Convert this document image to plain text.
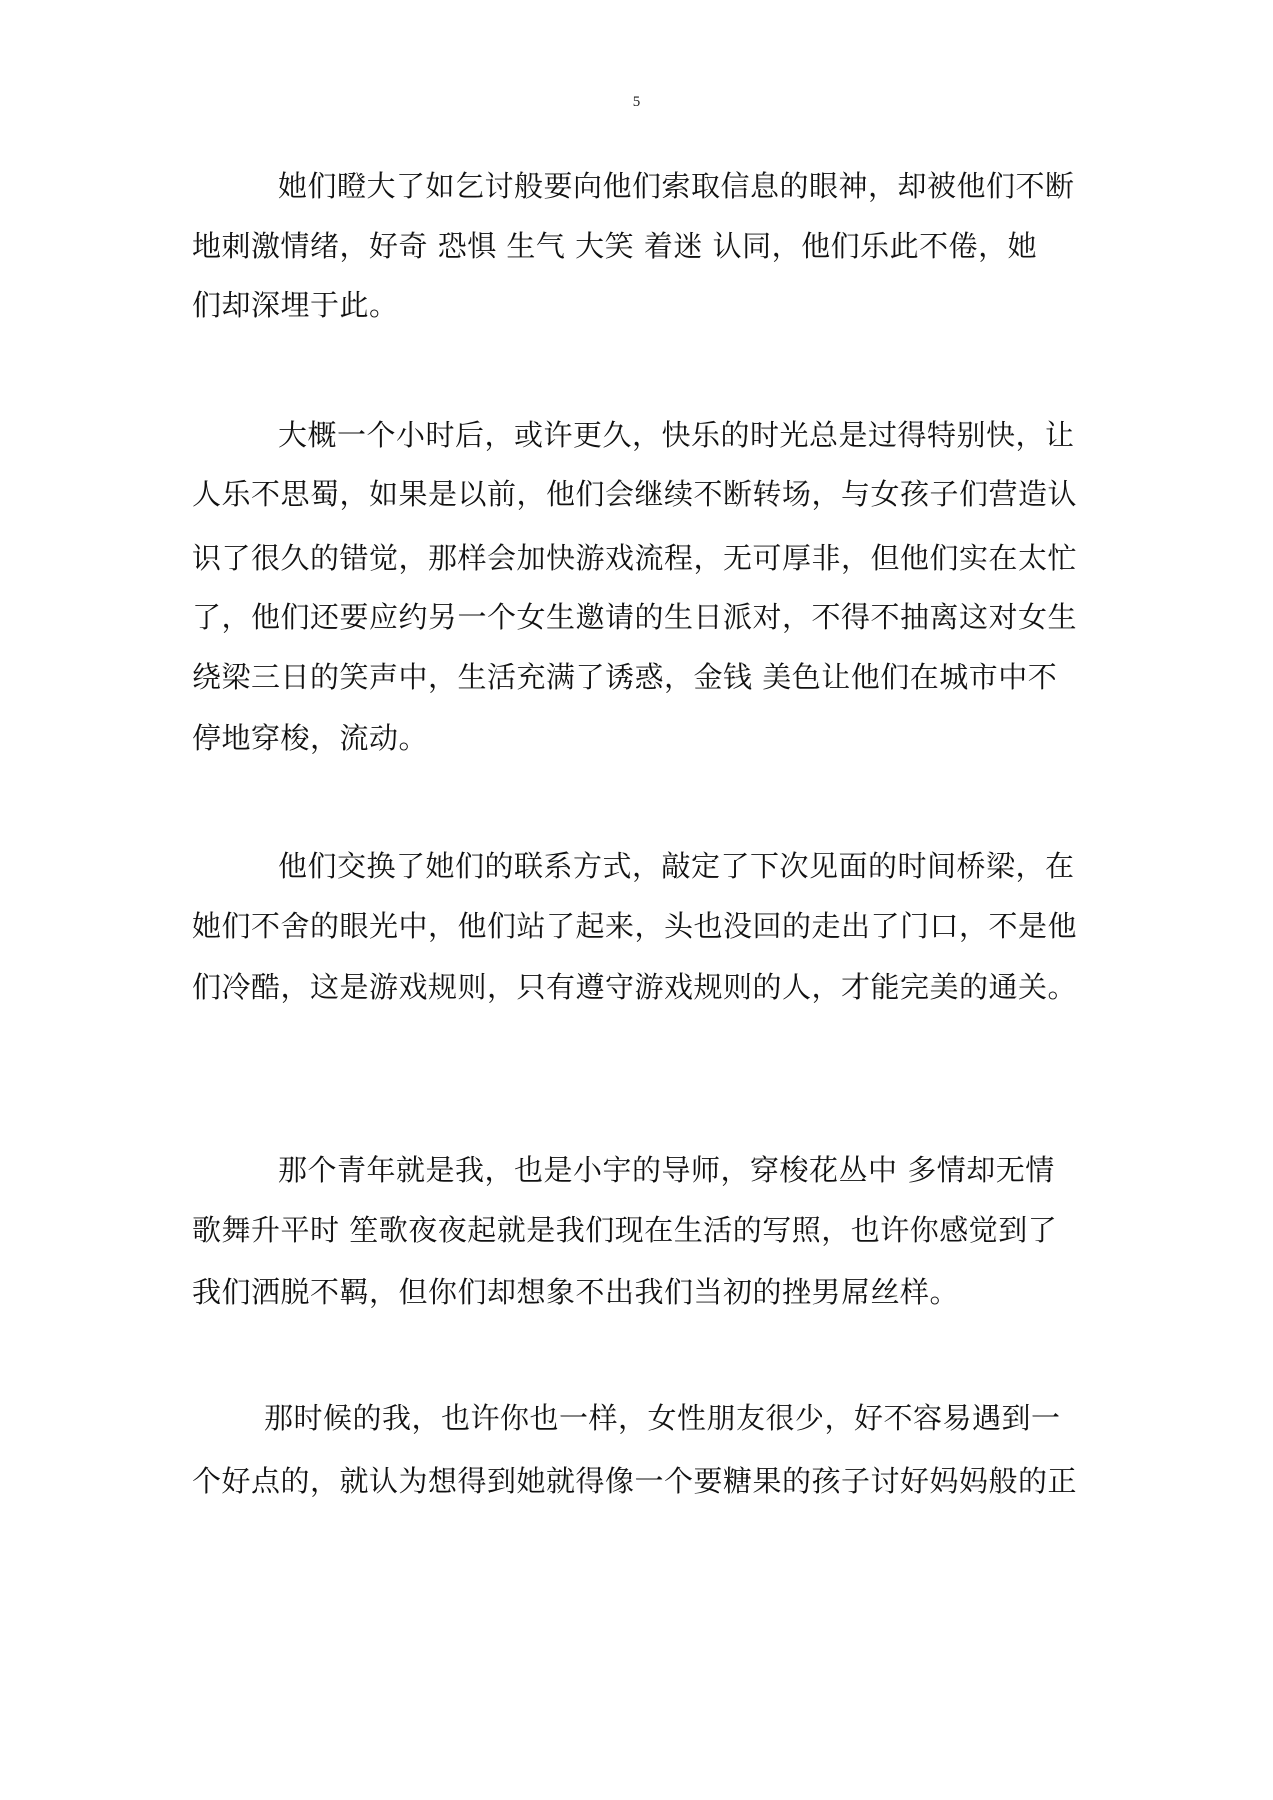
5
她们瞪大了如乞讨般要向他们索取信息的眼神，却被他们不断
地刺激情绪，好奇 恐惧 生气 大笑 着迷 认同，他们乐此不倦，她
们却深埋于此。
大概一个小时后，或许更久，快乐的时光总是过得特别快，让
人乐不思蜀，如果是以前，他们会继续不断转场，与女孩子们营造认
识了很久的错觉，那样会加快游戏流程，无可厚非，但他们实在太忙
了，他们还要应约另一个女生邀请的生日派对，不得不抽离这对女生
绕梁三日的笑声中，生活充满了诱惑，金钱 美色让他们在城市中不
停地穿梭，流动。
他们交换了她们的联系方式，敲定了下次见面的时间桥梁，在
她们不舍的眼光中，他们站了起来，头也没回的走出了门口，不是他
们冷酷，这是游戏规则，只有遵守游戏规则的人，才能完美的通关。
那个青年就是我，也是小宇的导师，穿梭花丛中 多情却无情
歌舞升平时 笙歌夜夜起就是我们现在生活的写照，也许你感觉到了
我们洒脱不羁，但你们却想象不出我们当初的挫男屌丝样。
那时候的我，也许你也一样，女性朋友很少，好不容易遇到一
个好点的，就认为想得到她就得像一个要糖果的孩子讨好妈妈般的正
